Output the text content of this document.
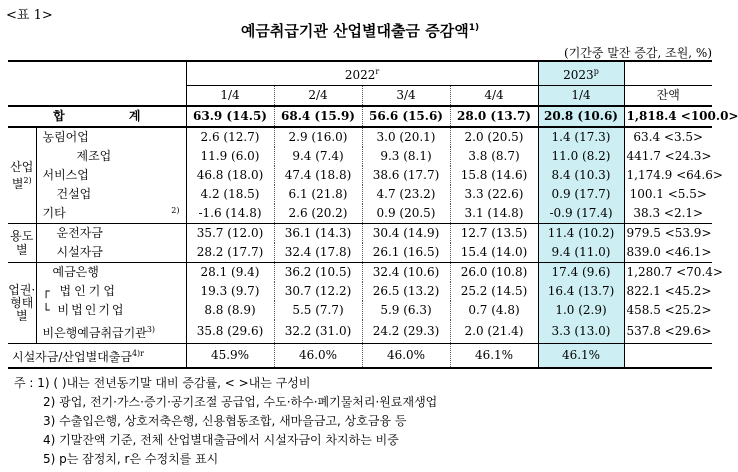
<표 1>
예금취급기관 산업별대출금 증감액$^{1)}$
(기간중 말잔 증감, 조원, %)
		2022$^r$				2023$^p$	
		1/4	2/4	3/4	4/4	1/4	잔액
합 계		63.9 (14.5)	68.4 (15.9)	56.6 (15.6)	28.0 (13.7)	20.8 (10.6)	1,818.4 <100.0>
산업별$^{2)}$	농림어업	2.6 (12.7)	2.9 (16.0)	3.0 (20.1)	2.0 (20.5)	1.4 (17.3)	63.4 <3.5>
	제조업	11.9 (6.0)	9.4 (7.4)	9.3 (8.1)	3.8 (8.7)	11.0 (8.2)	441.7 <24.3>
	서비스업	46.8 (18.0)	47.4 (18.8)	38.6 (17.7)	15.8 (14.6)	8.4 (10.3)	1,174.9 <64.6>
	건설업	4.2 (18.5)	6.1 (21.8)	4.7 (23.2)	3.3 (22.6)	0.9 (17.7)	100.1 <5.5>

	기타 2)	-1.6 (14.8)	2.6 (20.2)	0.9 (20.5)	3.1 (14.8)	-0.9 (17.4)	38.3 <2.1>
용도별	운전자금	35.7 (12.0)	36.1 (14.3)	30.4 (14.9)	12.7 (13.5)	11.4 (10.2)	979.5 <53.9>
	시설자금	28.2 (17.7)	32.4 (17.8)	26.1 (16.5)	15.4 (14.0)	9.4 (11.0)	839.0 <46.1>
업권·형태별	예금은행	28.1 (9.4)	36.2 (10.5)	32.4 (10.6)	26.0 (10.8)	17.4 (9.6)	1,280.7 <70.4>
	┌ 법인기업	19.3 (9.7)	30.7 (12.2)	26.5 (13.2)	25.2 (14.5)	16.4 (13.7)	822.1 <45.2>
	└ 비법인기업	8.8 (8.9)	5.5 (7.7)	5.9 (6.3)	0.7 (4.8)	1.0 (2.9)	458.5 <25.2>
	비은행예금취급기관$^{3)}$	35.8 (29.6)	32.2 (31.0)	24.2 (29.3)	2.0 (21.4)	3.3 (13.0)	537.8 <29.6>
시설자금/산업별대출금$^{4)r}$		45.9%	46.0%	46.0%	46.1%	46.1%	
주 : 1) ( )내는 전년동기말 대비 증감률, < >내는 구성비
2) 광업, 전기·가스·증기·공기조절 공급업, 수도·하수·폐기물처리·원료재생업
3) 수출입은행, 상호저축은행, 신용협동조합, 새마을금고, 상호금융 등
4) 기말잔액 기준, 전체 산업별대출금에서 시설자금이 차지하는 비중
5) p는 잠정치, r은 수정치를 표시
